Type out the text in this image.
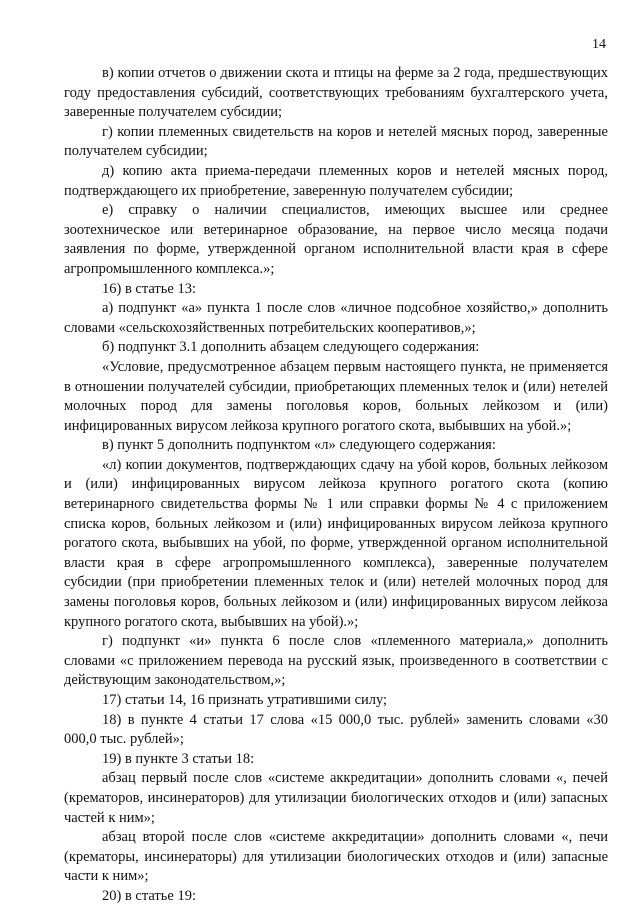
14

в) копии отчетов о движении скота и птицы на ферме за 2 года, предшествующих году предоставления субсидий, соответствующих требованиям бухгалтерского учета, заверенные получателем субсидии;

г) копии племенных свидетельств на коров и нетелей мясных пород, заверенные получателем субсидии;

д) копию акта приема-передачи племенных коров и нетелей мясных пород, подтверждающего их приобретение, заверенную получателем субсидии;

е) справку о наличии специалистов, имеющих высшее или среднее зоотехническое или ветеринарное образование, на первое число месяца подачи заявления по форме, утвержденной органом исполнительной власти края в сфере агропромышленного комплекса.»;

16) в статье 13:

а) подпункт «а» пункта 1 после слов «личное подсобное хозяйство,» дополнить словами «сельскохозяйственных потребительских кооперативов,»;

б) подпункт 3.1 дополнить абзацем следующего содержания:

«Условие, предусмотренное абзацем первым настоящего пункта, не применяется в отношении получателей субсидии, приобретающих племенных телок и (или) нетелей молочных пород для замены поголовья коров, больных лейкозом и (или) инфицированных вирусом лейкоза крупного рогатого скота, выбывших на убой.»;

в) пункт 5 дополнить подпунктом «л» следующего содержания:

«л) копии документов, подтверждающих сдачу на убой коров, больных лейкозом и (или) инфицированных вирусом лейкоза крупного рогатого скота (копию ветеринарного свидетельства формы № 1 или справки формы № 4 с приложением списка коров, больных лейкозом и (или) инфицированных вирусом лейкоза крупного рогатого скота, выбывших на убой, по форме, утвержденной органом исполнительной власти края в сфере агропромышленного комплекса), заверенные получателем субсидии (при приобретении племенных телок и (или) нетелей молочных пород для замены поголовья коров, больных лейкозом и (или) инфицированных вирусом лейкоза крупного рогатого скота, выбывших на убой).»;

г) подпункт «и» пункта 6 после слов «племенного материала,» дополнить словами «с приложением перевода на русский язык, произведенного в соответствии с действующим законодательством,»;

17) статьи 14, 16 признать утратившими силу;

18) в пункте 4 статьи 17 слова «15 000,0 тыс. рублей» заменить словами «30 000,0 тыс. рублей»;

19) в пункте 3 статьи 18:

абзац первый после слов «системе аккредитации» дополнить словами «, печей (крематоров, инсинераторов) для утилизации биологических отходов и (или) запасных частей к ним»;

абзац второй после слов «системе аккредитации» дополнить словами «, печи (крематоры, инсинераторы) для утилизации биологических отходов и (или) запасные части к ним»;

20) в статье 19:
